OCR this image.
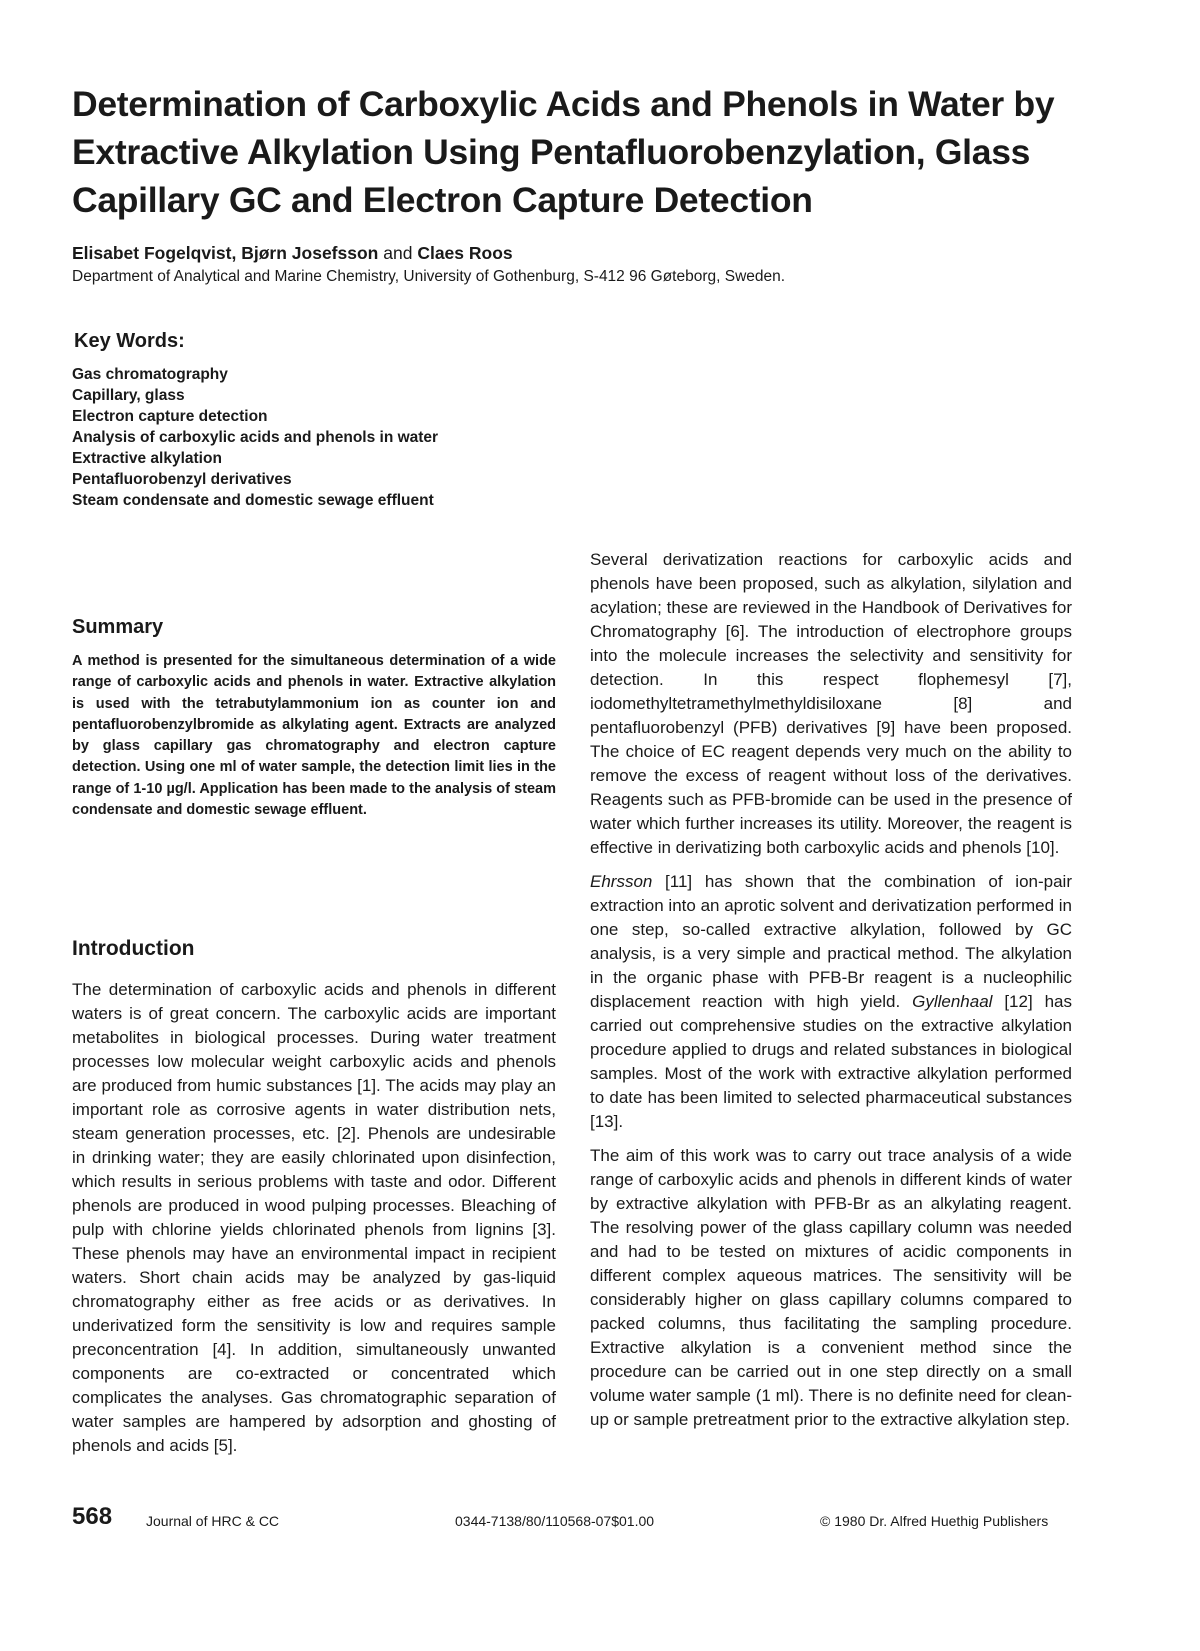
Determination of Carboxylic Acids and Phenols in Water by Extractive Alkylation Using Pentafluorobenzylation, Glass Capillary GC and Electron Capture Detection

Elisabet Fogelqvist, Bjørn Josefsson and Claes Roos

Department of Analytical and Marine Chemistry, University of Gothenburg, S-412 96 Gøteborg, Sweden.

Key Words:
Gas chromatography
Capillary, glass
Electron capture detection
Analysis of carboxylic acids and phenols in water
Extractive alkylation
Pentafluorobenzyl derivatives
Steam condensate and domestic sewage effluent
Summary

A method is presented for the simultaneous determination of a wide range of carboxylic acids and phenols in water. Extractive alkylation is used with the tetrabutylammonium ion as counter ion and pentafluorobenzylbromide as alkylating agent. Extracts are analyzed by glass capillary gas chromatography and electron capture detection. Using one ml of water sample, the detection limit lies in the range of 1-10 µg/l. Application has been made to the analysis of steam condensate and domestic sewage effluent.

Introduction

The determination of carboxylic acids and phenols in different waters is of great concern. The carboxylic acids are important metabolites in biological processes. During water treatment processes low molecular weight carboxylic acids and phenols are produced from humic substances [1]. The acids may play an important role as corrosive agents in water distribution nets, steam generation processes, etc. [2]. Phenols are undesirable in drinking water; they are easily chlorinated upon disinfection, which results in serious problems with taste and odor. Different phenols are produced in wood pulping processes. Bleaching of pulp with chlorine yields chlorinated phenols from lignins [3]. These phenols may have an environmental impact in recipient waters. Short chain acids may be analyzed by gas-liquid chromatography either as free acids or as derivatives. In underivatized form the sensitivity is low and requires sample preconcentration [4]. In addition, simultaneously unwanted components are co-extracted or concentrated which complicates the analyses. Gas chromatographic separation of water samples are hampered by adsorption and ghosting of phenols and acids [5].

Several derivatization reactions for carboxylic acids and phenols have been proposed, such as alkylation, silylation and acylation; these are reviewed in the Handbook of Derivatives for Chromatography [6]. The introduction of electrophore groups into the molecule increases the selectivity and sensitivity for detection. In this respect flophemesyl [7], iodomethyltetramethylmethyldisiloxane [8] and pentafluorobenzyl (PFB) derivatives [9] have been proposed. The choice of EC reagent depends very much on the ability to remove the excess of reagent without loss of the derivatives. Reagents such as PFB-bromide can be used in the presence of water which further increases its utility. Moreover, the reagent is effective in derivatizing both carboxylic acids and phenols [10].

Ehrsson [11] has shown that the combination of ion-pair extraction into an aprotic solvent and derivatization performed in one step, so-called extractive alkylation, followed by GC analysis, is a very simple and practical method. The alkylation in the organic phase with PFB-Br reagent is a nucleophilic displacement reaction with high yield. Gyllenhaal [12] has carried out comprehensive studies on the extractive alkylation procedure applied to drugs and related substances in biological samples. Most of the work with extractive alkylation performed to date has been limited to selected pharmaceutical substances [13].

The aim of this work was to carry out trace analysis of a wide range of carboxylic acids and phenols in different kinds of water by extractive alkylation with PFB-Br as an alkylating reagent. The resolving power of the glass capillary column was needed and had to be tested on mixtures of acidic components in different complex aqueous matrices. The sensitivity will be considerably higher on glass capillary columns compared to packed columns, thus facilitating the sampling procedure. Extractive alkylation is a convenient method since the procedure can be carried out in one step directly on a small volume water sample (1 ml). There is no definite need for clean-up or sample pretreatment prior to the extractive alkylation step.

568 Journal of HRC & CC	0344-7138/80/110568-07$01.00	© 1980 Dr. Alfred Huethig Publishers
